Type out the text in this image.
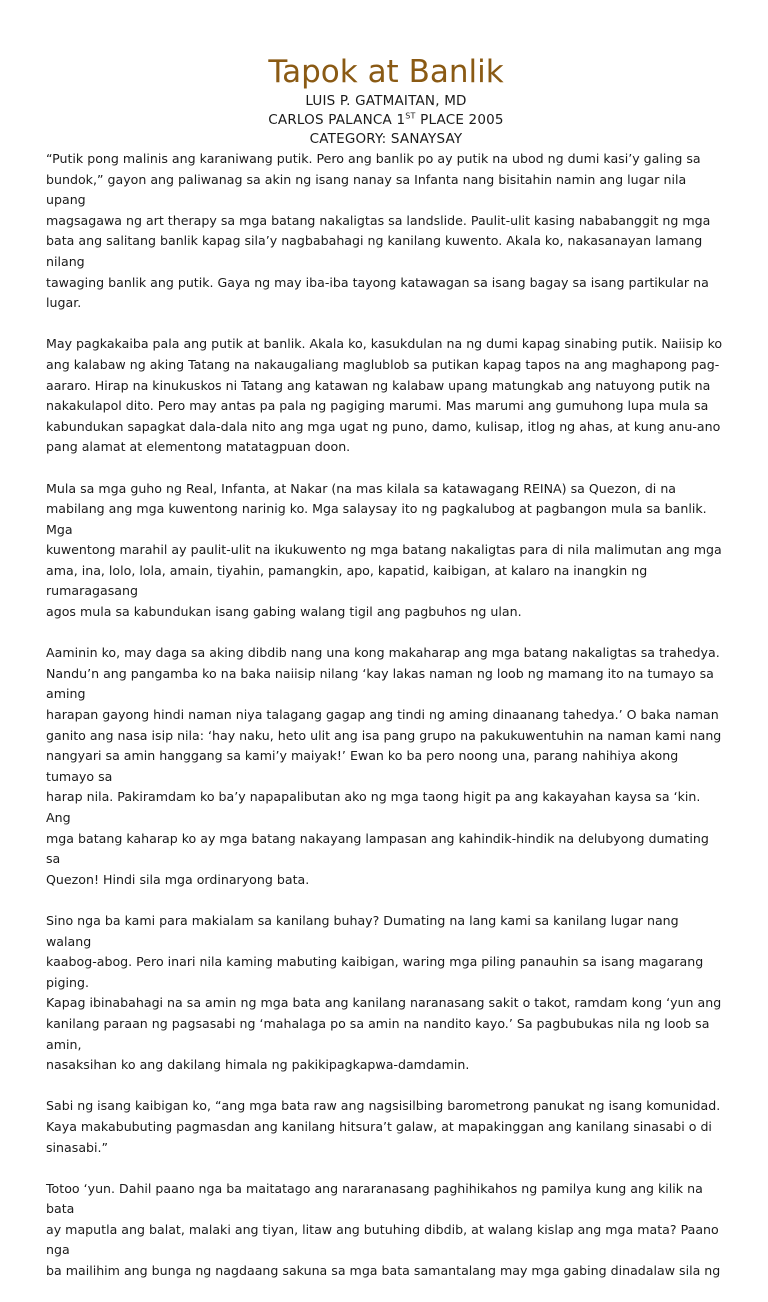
Tapok at Banlik

LUIS P. GATMAITAN, MD

CARLOS PALANCA 1ST PLACE 2005

CATEGORY: SANAYSAY

“Putik pong malinis ang karaniwang putik. Pero ang banlik po ay putik na ubod ng dumi kasi’y galing sa
bundok,” gayon ang paliwanag sa akin ng isang nanay sa Infanta nang bisitahin namin ang lugar nila upang
magsagawa ng art therapy sa mga batang nakaligtas sa landslide. Paulit-ulit kasing nababanggit ng mga
bata ang salitang banlik kapag sila’y nagbabahagi ng kanilang kuwento. Akala ko, nakasanayan lamang nilang
tawaging banlik ang putik. Gaya ng may iba-iba tayong katawagan sa isang bagay sa isang partikular na
lugar.
May pagkakaiba pala ang putik at banlik. Akala ko, kasukdulan na ng dumi kapag sinabing putik. Naiisip ko
ang kalabaw ng aking Tatang na nakaugaliang maglublob sa putikan kapag tapos na ang maghapong pag-
aararo. Hirap na kinukuskos ni Tatang ang katawan ng kalabaw upang matungkab ang natuyong putik na
nakakulapol dito. Pero may antas pa pala ng pagiging marumi. Mas marumi ang gumuhong lupa mula sa
kabundukan sapagkat dala-dala nito ang mga ugat ng puno, damo, kulisap, itlog ng ahas, at kung anu-ano
pang alamat at elementong matatagpuan doon.
Mula sa mga guho ng Real, Infanta, at Nakar (na mas kilala sa katawagang REINA) sa Quezon, di na
mabilang ang mga kuwentong narinig ko. Mga salaysay ito ng pagkalubog at pagbangon mula sa banlik. Mga
kuwentong marahil ay paulit-ulit na ikukuwento ng mga batang nakaligtas para di nila malimutan ang mga
ama, ina, lolo, lola, amain, tiyahin, pamangkin, apo, kapatid, kaibigan, at kalaro na inangkin ng rumaragasang
agos mula sa kabundukan isang gabing walang tigil ang pagbuhos ng ulan.
Aaminin ko, may daga sa aking dibdib nang una kong makaharap ang mga batang nakaligtas sa trahedya.
Nandu’n ang pangamba ko na baka naiisip nilang ‘kay lakas naman ng loob ng mamang ito na tumayo sa aming
harapan gayong hindi naman niya talagang gagap ang tindi ng aming dinaanang tahedya.’ O baka naman
ganito ang nasa isip nila: ‘hay naku, heto ulit ang isa pang grupo na pakukuwentuhin na naman kami nang
nangyari sa amin hanggang sa kami’y maiyak!’ Ewan ko ba pero noong una, parang nahihiya akong tumayo sa
harap nila. Pakiramdam ko ba’y napapalibutan ako ng mga taong higit pa ang kakayahan kaysa sa ‘kin. Ang
mga batang kaharap ko ay mga batang nakayang lampasan ang kahindik-hindik na delubyong dumating sa
Quezon! Hindi sila mga ordinaryong bata.
Sino nga ba kami para makialam sa kanilang buhay? Dumating na lang kami sa kanilang lugar nang walang
kaabog-abog. Pero inari nila kaming mabuting kaibigan, waring mga piling panauhin sa isang magarang piging.
Kapag ibinabahagi na sa amin ng mga bata ang kanilang naranasang sakit o takot, ramdam kong ‘yun ang
kanilang paraan ng pagsasabi ng ‘mahalaga po sa amin na nandito kayo.’ Sa pagbubukas nila ng loob sa amin,
nasaksihan ko ang dakilang himala ng pakikipagkapwa-damdamin.
Sabi ng isang kaibigan ko, “ang mga bata raw ang nagsisilbing barometrong panukat ng isang komunidad.
Kaya makabubuting pagmasdan ang kanilang hitsura’t galaw, at mapakinggan ang kanilang sinasabi o di
sinasabi.”
Totoo ‘yun. Dahil paano nga ba maitatago ang nararanasang paghihikahos ng pamilya kung ang kilik na bata
ay maputla ang balat, malaki ang tiyan, litaw ang butuhing dibdib, at walang kislap ang mga mata? Paano nga
ba mailihim ang bunga ng nagdaang sakuna sa mga bata samantalang may mga gabing dinadalaw sila ng
